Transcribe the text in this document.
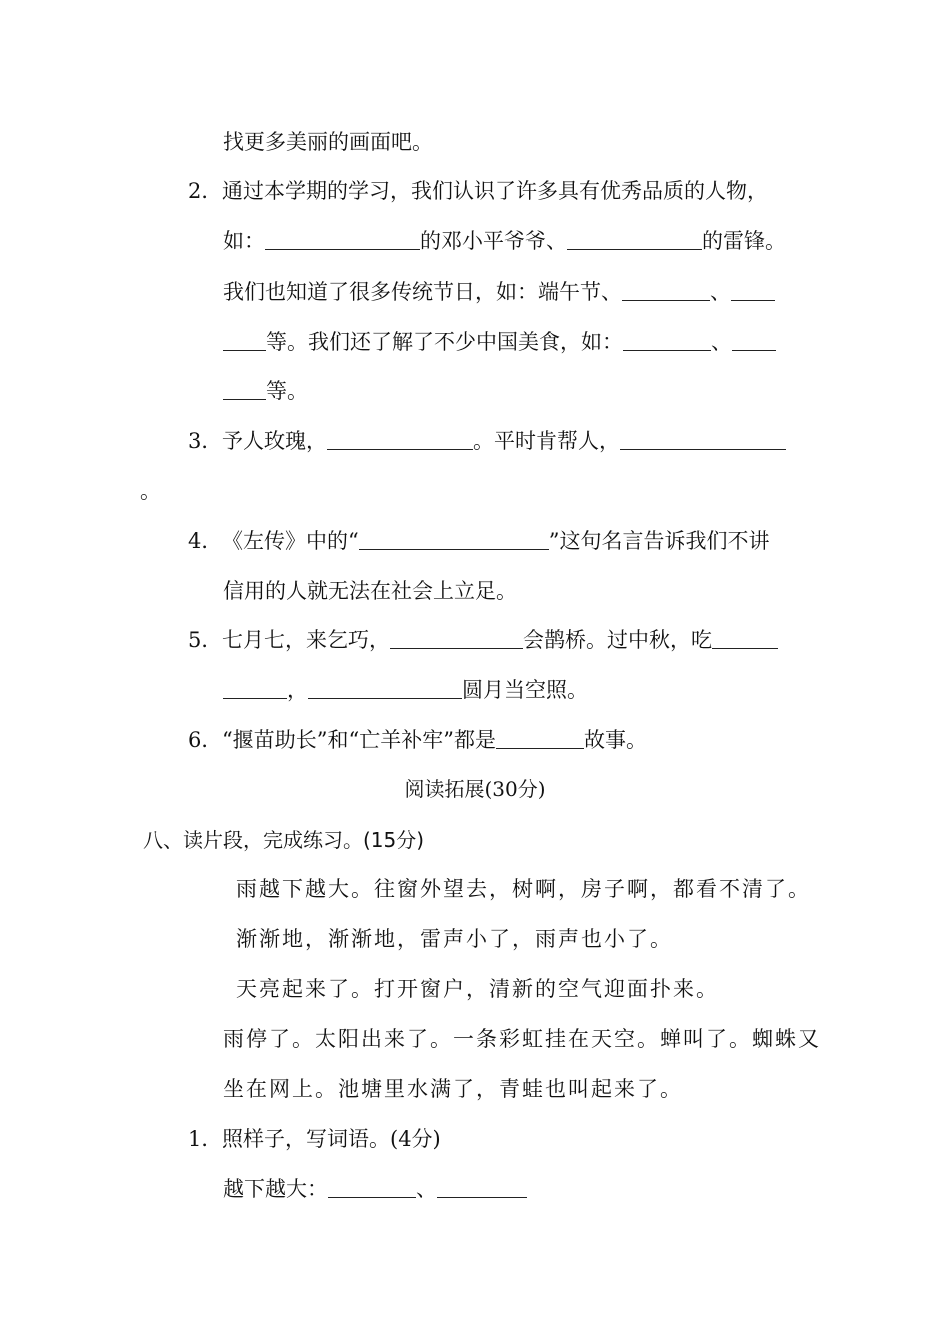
找更多美丽的画面吧。
2．通过本学期的学习，我们认识了许多具有优秀品质的人物，
如：	的邓小平爷爷、	的雷锋。
我们也知道了很多传统节日，如：端午节、	、
等。我们还了解了不少中国美食，如：	、
等。
3．予人玫瑰，	。平时肯帮人，
。
4．《左传》中的“	”这句名言告诉我们不讲
信用的人就无法在社会上立足。
5．七月七，来乞巧，	会鹊桥。过中秋，吃
，	圆月当空照。
6．“揠苗助长”和“亡羊补牢”都是	故事。
阅读拓展(30分)
八、读片段，完成练习。(15分)
雨越下越大。往窗外望去，树啊，房子啊，都看不清了。
渐渐地，渐渐地，雷声小了，雨声也小了。
天亮起来了。打开窗户，清新的空气迎面扑来。
雨停了。太阳出来了。一条彩虹挂在天空。蝉叫了。蜘蛛又
坐在网上。池塘里水满了，青蛙也叫起来了。
1．照样子，写词语。(4分)
越下越大：	、
